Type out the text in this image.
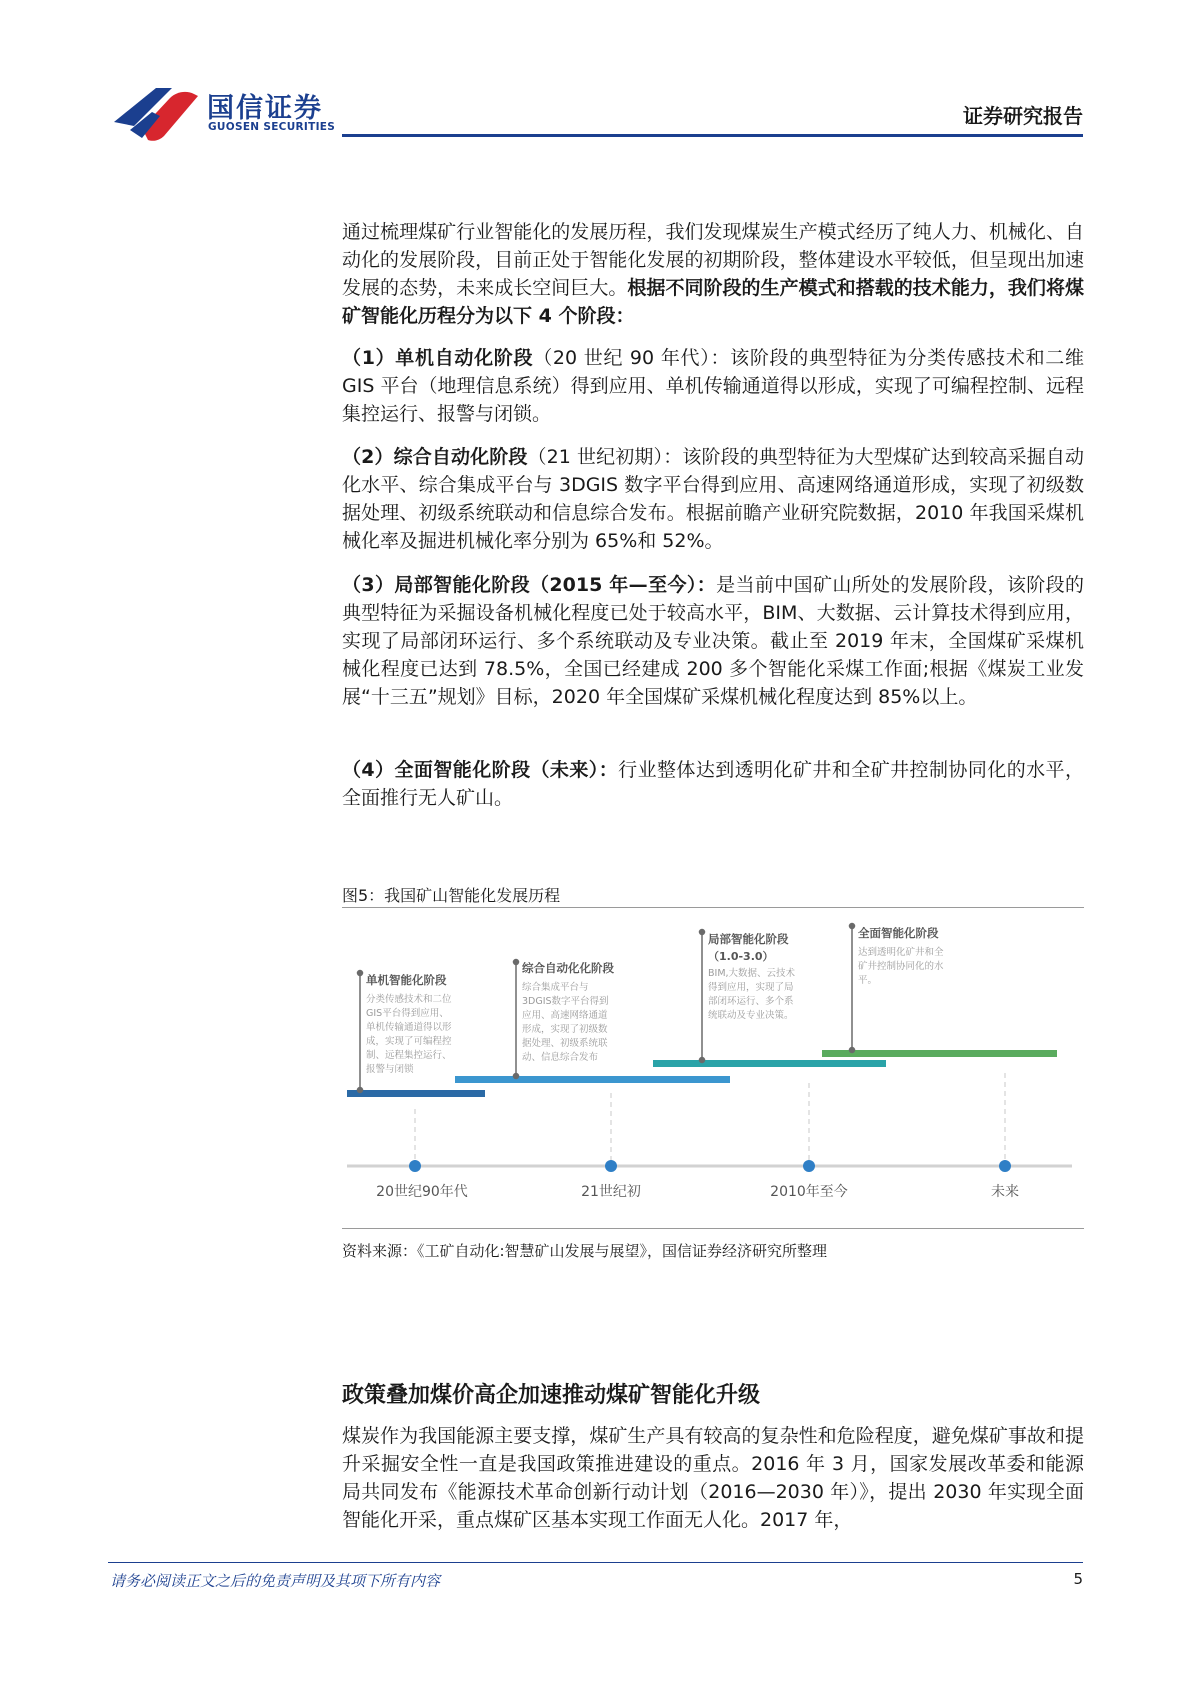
国信证券
GUOSEN SECURITIES	证券研究报告

通过梳理煤矿行业智能化的发展历程，我们发现煤炭生产模式经历了纯人力、机械化、自动化的发展阶段，目前正处于智能化发展的初期阶段，整体建设水平较低，但呈现出加速发展的态势，未来成长空间巨大。根据不同阶段的生产模式和搭载的技术能力，我们将煤矿智能化历程分为以下 4 个阶段：

（1）单机自动化阶段（20 世纪 90 年代）：该阶段的典型特征为分类传感技术和二维 GIS 平台（地理信息系统）得到应用、单机传输通道得以形成，实现了可编程控制、远程集控运行、报警与闭锁。

（2）综合自动化阶段（21 世纪初期）：该阶段的典型特征为大型煤矿达到较高采掘自动化水平、综合集成平台与 3DGIS 数字平台得到应用、高速网络通道形成，实现了初级数据处理、初级系统联动和信息综合发布。根据前瞻产业研究院数据，2010 年我国采煤机械化率及掘进机械化率分别为 65%和 52%。

（3）局部智能化阶段（2015 年—至今）：是当前中国矿山所处的发展阶段，该阶段的典型特征为采掘设备机械化程度已处于较高水平，BIM、大数据、云计算技术得到应用，实现了局部闭环运行、多个系统联动及专业决策。截止至 2019 年末，全国煤矿采煤机械化程度已达到 78.5%，全国已经建成 200 多个智能化采煤工作面;根据《煤炭工业发展“十三五”规划》目标，2020 年全国煤矿采煤机械化程度达到 85%以上。

（4）全面智能化阶段（未来）：行业整体达到透明化矿井和全矿井控制协同化的水平，全面推行无人矿山。

图5：我国矿山智能化发展历程
单机智能化阶段
分类传感技术和二位
GIS平台得到应用、
单机传输通道得以形
成，实现了可编程控
制、远程集控运行、
报警与闭锁
综合自动化化阶段
综合集成平台与
3DGIS数字平台得到
应用、高速网络通道
形成，实现了初级数
据处理、初级系统联
动、信息综合发布
局部智能化阶段
（1.0-3.0）
BIM,大数据、云技术
得到应用，实现了局
部闭环运行、多个系
统联动及专业决策。
全面智能化阶段
达到透明化矿井和全
矿井控制协同化的水
平。
20世纪90年代	21世纪初	2010年至今	未来
资料来源：《工矿自动化:智慧矿山发展与展望》，国信证券经济研究所整理
政策叠加煤价高企加速推动煤矿智能化升级

煤炭作为我国能源主要支撑，煤矿生产具有较高的复杂性和危险程度，避免煤矿事故和提升采掘安全性一直是我国政策推进建设的重点。2016 年 3 月，国家发展改革委和能源局共同发布《能源技术革命创新行动计划（2016—2030 年）》，提出 2030 年实现全面智能化开采，重点煤矿区基本实现工作面无人化。2017 年，

请务必阅读正文之后的免责声明及其项下所有内容	5
